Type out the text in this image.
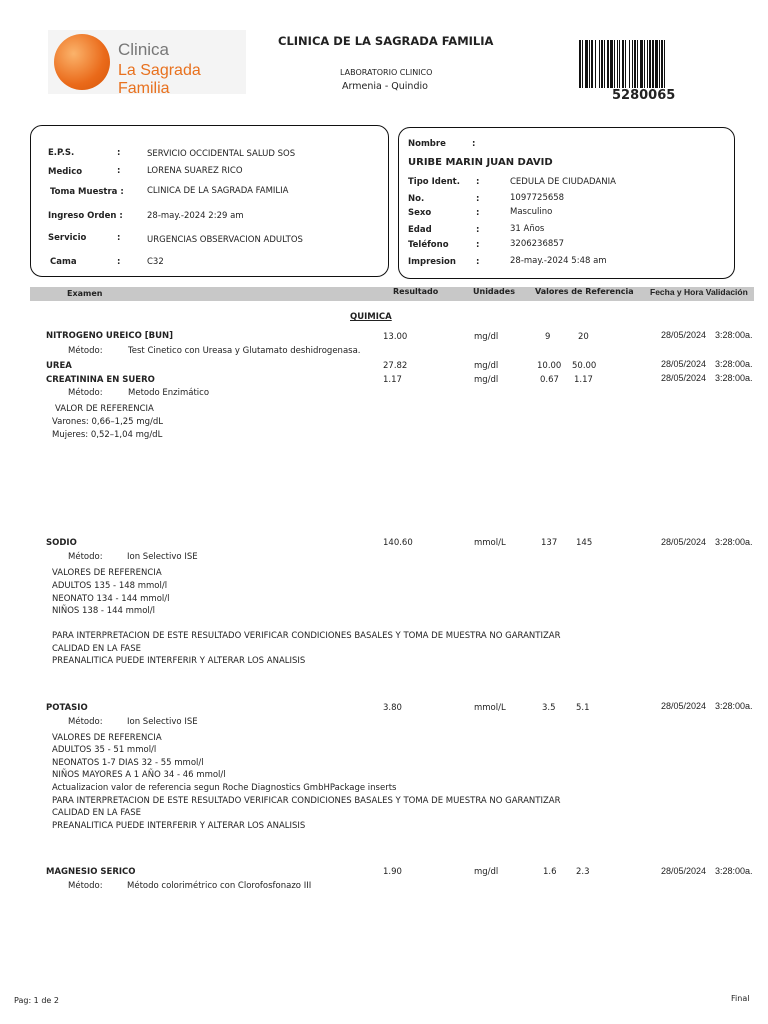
Clinica
La Sagrada Familia
CLINICA DE LA SAGRADA FAMILIA
LABORATORIO CLINICO
Armenia - Quindio
5280065
E.P.S.	:	SERVICIO OCCIDENTAL SALUD SOS
Medico	:	LORENA SUAREZ RICO
Toma Muestra :	CLINICA DE LA SAGRADA FAMILIA
Ingreso Orden :	28-may.-2024 2:29 am
Servicio	:	URGENCIAS OBSERVACION ADULTOS
Cama	:	C32
Nombre	:
URIBE MARIN JUAN DAVID
Tipo Ident. :	CEDULA DE CIUDADANIA
No.	:	1097725658
Sexo	:	Masculino
Edad	:	31 Años
Teléfono	:	3206236857
Impresion :	28-may.-2024 5:48 am
Examen	Resultado	Unidades	Valores de Referencia Fecha y Hora Validación
QUIMICA
NITROGENO UREICO [BUN]	13.00	mg/dl	9	20	28/05/2024 3:28:00a.
Método:	Test Cinetico con Ureasa y Glutamato deshidrogenasa.
UREA	27.82	mg/dl	10.00 50.00	28/05/2024 3:28:00a.
CREATININA EN SUERO	1.17	mg/dl	0.67 1.17	28/05/2024 3:28:00a.
Método:	Metodo Enzimático
VALOR DE REFERENCIA
Varones: 0,66–1,25 mg/dL
Mujeres: 0,52–1,04 mg/dL
SODIO	140.60	mmol/L	137 145	28/05/2024 3:28:00a.
Método:	Ion Selectivo ISE
VALORES DE REFERENCIA
ADULTOS 135 - 148 mmol/l
NEONATO 134 - 144 mmol/l
NIÑOS 138 - 144 mmol/l
PARA INTERPRETACION DE ESTE RESULTADO VERIFICAR CONDICIONES BASALES Y TOMA DE MUESTRA NO GARANTIZAR
CALIDAD EN LA FASE
PREANALITICA PUEDE INTERFERIR Y ALTERAR LOS ANALISIS
POTASIO	3.80	mmol/L	3.5 5.1	28/05/2024 3:28:00a.
Método:	Ion Selectivo ISE
VALORES DE REFERENCIA
ADULTOS 35 - 51 mmol/l
NEONATOS 1-7 DIAS 32 - 55 mmol/l
NIÑOS MAYORES A 1 AÑO 34 - 46 mmol/l
Actualizacion valor de referencia segun Roche Diagnostics GmbHPackage inserts
PARA INTERPRETACION DE ESTE RESULTADO VERIFICAR CONDICIONES BASALES Y TOMA DE MUESTRA NO GARANTIZAR
CALIDAD EN LA FASE
PREANALITICA PUEDE INTERFERIR Y ALTERAR LOS ANALISIS
MAGNESIO SERICO	1.90	mg/dl	1.6 2.3	28/05/2024 3:28:00a.
Método:	Método colorimétrico con Clorofosfonazo III
Pag: 1 de 2	Final
